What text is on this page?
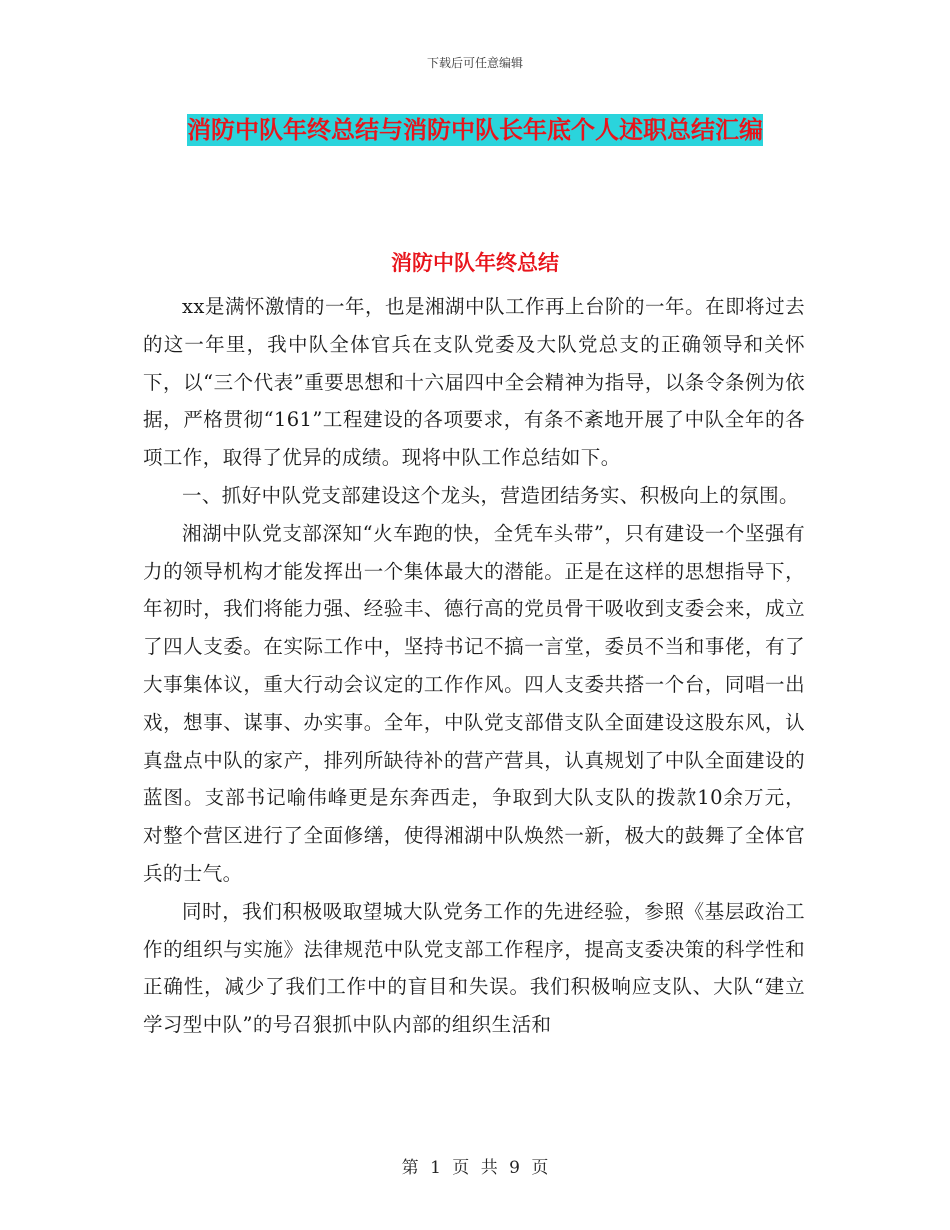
下载后可任意编辑
消防中队年终总结与消防中队长年底个人述职总结汇编
消防中队年终总结

xx是满怀激情的一年，也是湘湖中队工作再上台阶的一年。在即将过去的这一年里，我中队全体官兵在支队党委及大队党总支的正确领导和关怀下，以“三个代表”重要思想和十六届四中全会精神为指导，以条令条例为依据，严格贯彻“161”工程建设的各项要求，有条不紊地开展了中队全年的各项工作，取得了优异的成绩。现将中队工作总结如下。

一、抓好中队党支部建设这个龙头，营造团结务实、积极向上的氛围。

湘湖中队党支部深知“火车跑的快，全凭车头带”，只有建设一个坚强有力的领导机构才能发挥出一个集体最大的潜能。正是在这样的思想指导下，年初时，我们将能力强、经验丰、德行高的党员骨干吸收到支委会来，成立了四人支委。在实际工作中，坚持书记不搞一言堂，委员不当和事佬，有了大事集体议，重大行动会议定的工作作风。四人支委共搭一个台，同唱一出戏，想事、谋事、办实事。全年，中队党支部借支队全面建设这股东风，认真盘点中队的家产，排列所缺待补的营产营具，认真规划了中队全面建设的蓝图。支部书记喻伟峰更是东奔西走，争取到大队支队的拨款10余万元，对整个营区进行了全面修缮，使得湘湖中队焕然一新，极大的鼓舞了全体官兵的士气。

同时，我们积极吸取望城大队党务工作的先进经验，参照《基层政治工作的组织与实施》法律规范中队党支部工作程序，提高支委决策的科学性和正确性，减少了我们工作中的盲目和失误。我们积极响应支队、大队“建立学习型中队”的号召狠抓中队内部的组织生活和

第 1 页 共 9 页
